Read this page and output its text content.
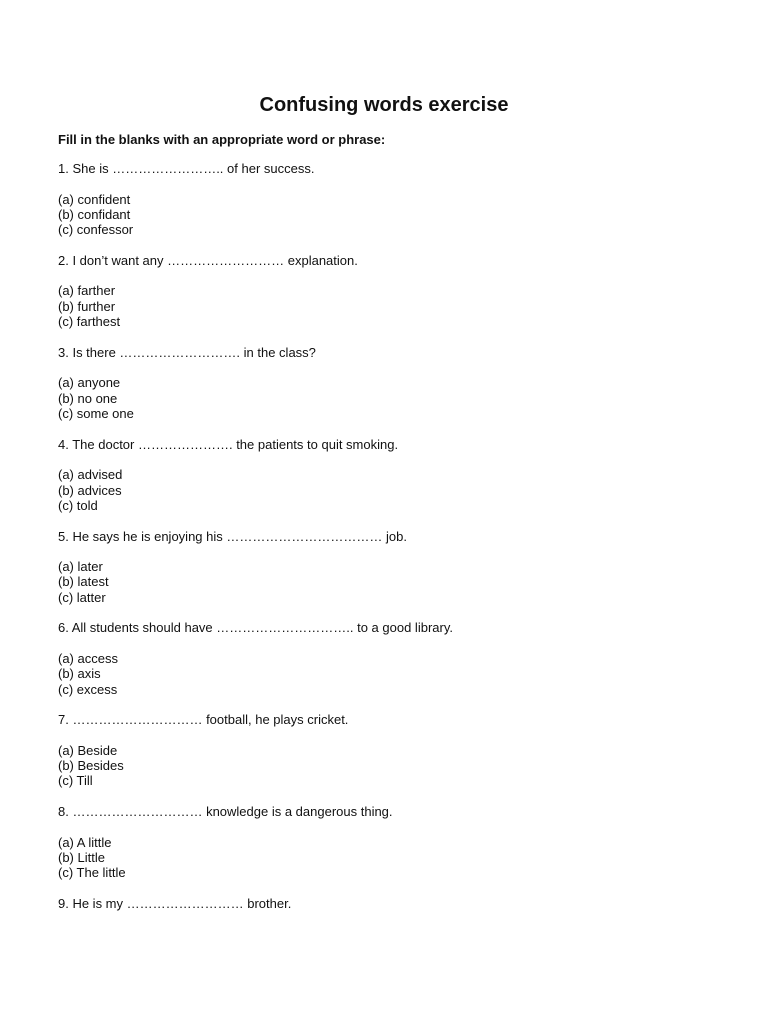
Confusing words exercise

Fill in the blanks with an appropriate word or phrase:

1. She is …………………….. of her success.
(a) confident
(b) confidant
(c) confessor
2. I don’t want any ……………………… explanation.
(a) farther
(b) further
(c) farthest
3. Is there ………………………. in the class?
(a) anyone
(b) no one
(c) some one
4. The doctor …………………. the patients to quit smoking.
(a) advised
(b) advices
(c) told
5. He says he is enjoying his ……………………………… job.
(a) later
(b) latest
(c) latter
6. All students should have ………………………….. to a good library.
(a) access
(b) axis
(c) excess
7. ………………………… football, he plays cricket.
(a) Beside
(b) Besides
(c) Till
8. ………………………… knowledge is a dangerous thing.
(a) A little
(b) Little
(c) The little
9. He is my ……………………… brother.
